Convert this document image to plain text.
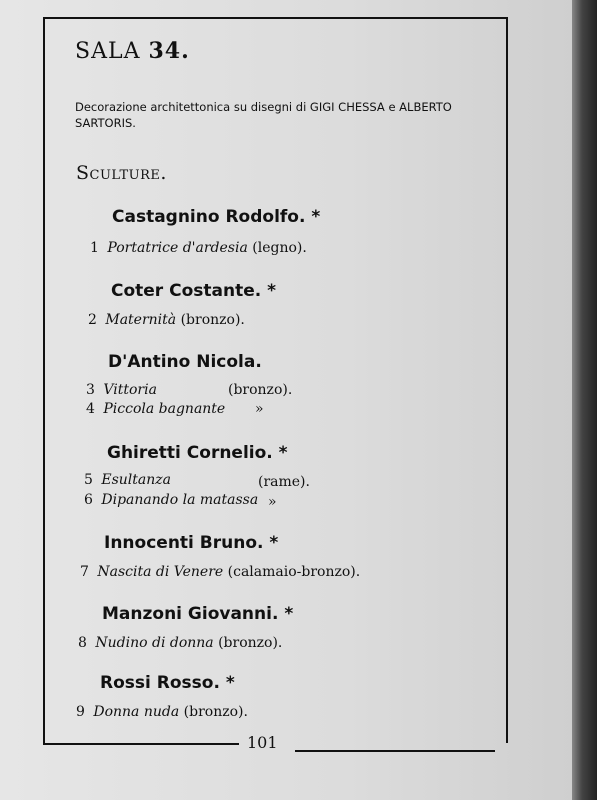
SALA 34.
Decorazione architettonica su disegni di GIGI CHESSA e ALBERTO SARTORIS.
Sculture.
Castagnino Rodolfo. *
1 Portatrice d'ardesia (legno).
Coter Costante. *
2 Maternità (bronzo).
D'Antino Nicola.
3 Vittoria	(bronzo).
4 Piccola bagnante »
Ghiretti Cornelio. *
5 Esultanza	(rame).
6 Dipanando la matassa »
Innocenti Bruno. *
7 Nascita di Venere (calamaio-bronzo).
Manzoni Giovanni. *
8 Nudino di donna (bronzo).
Rossi Rosso. *
9 Donna nuda (bronzo).
101
